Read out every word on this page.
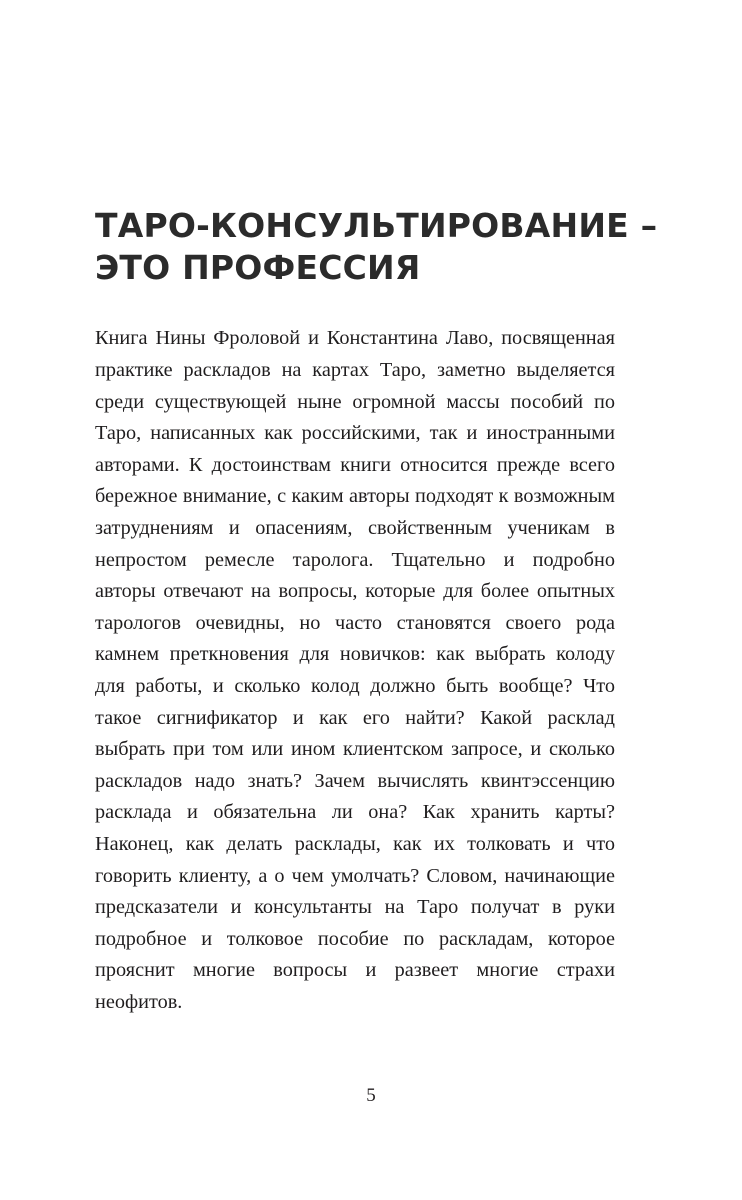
ТАРО-КОНСУЛЬТИРОВАНИЕ –
ЭТО ПРОФЕССИЯ

Книга Нины Фроловой и Константина Лаво, посвященная практике раскладов на картах Таро, заметно выделяется среди существующей ныне огромной массы пособий по Таро, написанных как российскими, так и иностранными авторами. К достоинствам книги относится прежде всего бережное внимание, с каким авторы подходят к возможным затруднениям и опасениям, свойственным ученикам в непростом ремесле таролога. Тщательно и подробно авторы отвечают на вопросы, которые для более опытных тарологов очевидны, но часто становятся своего рода камнем преткновения для новичков: как выбрать колоду для работы, и сколько колод должно быть вообще? Что такое сигнификатор и как его найти? Какой расклад выбрать при том или ином клиентском запросе, и сколько раскладов надо знать? Зачем вычислять квинтэссенцию расклада и обязательна ли она? Как хранить карты? Наконец, как делать расклады, как их толковать и что говорить клиенту, а о чем умолчать? Словом, начинающие предсказатели и консультанты на Таро получат в руки подробное и толковое пособие по раскладам, которое прояснит многие вопросы и развеет многие страхи неофитов.

5
